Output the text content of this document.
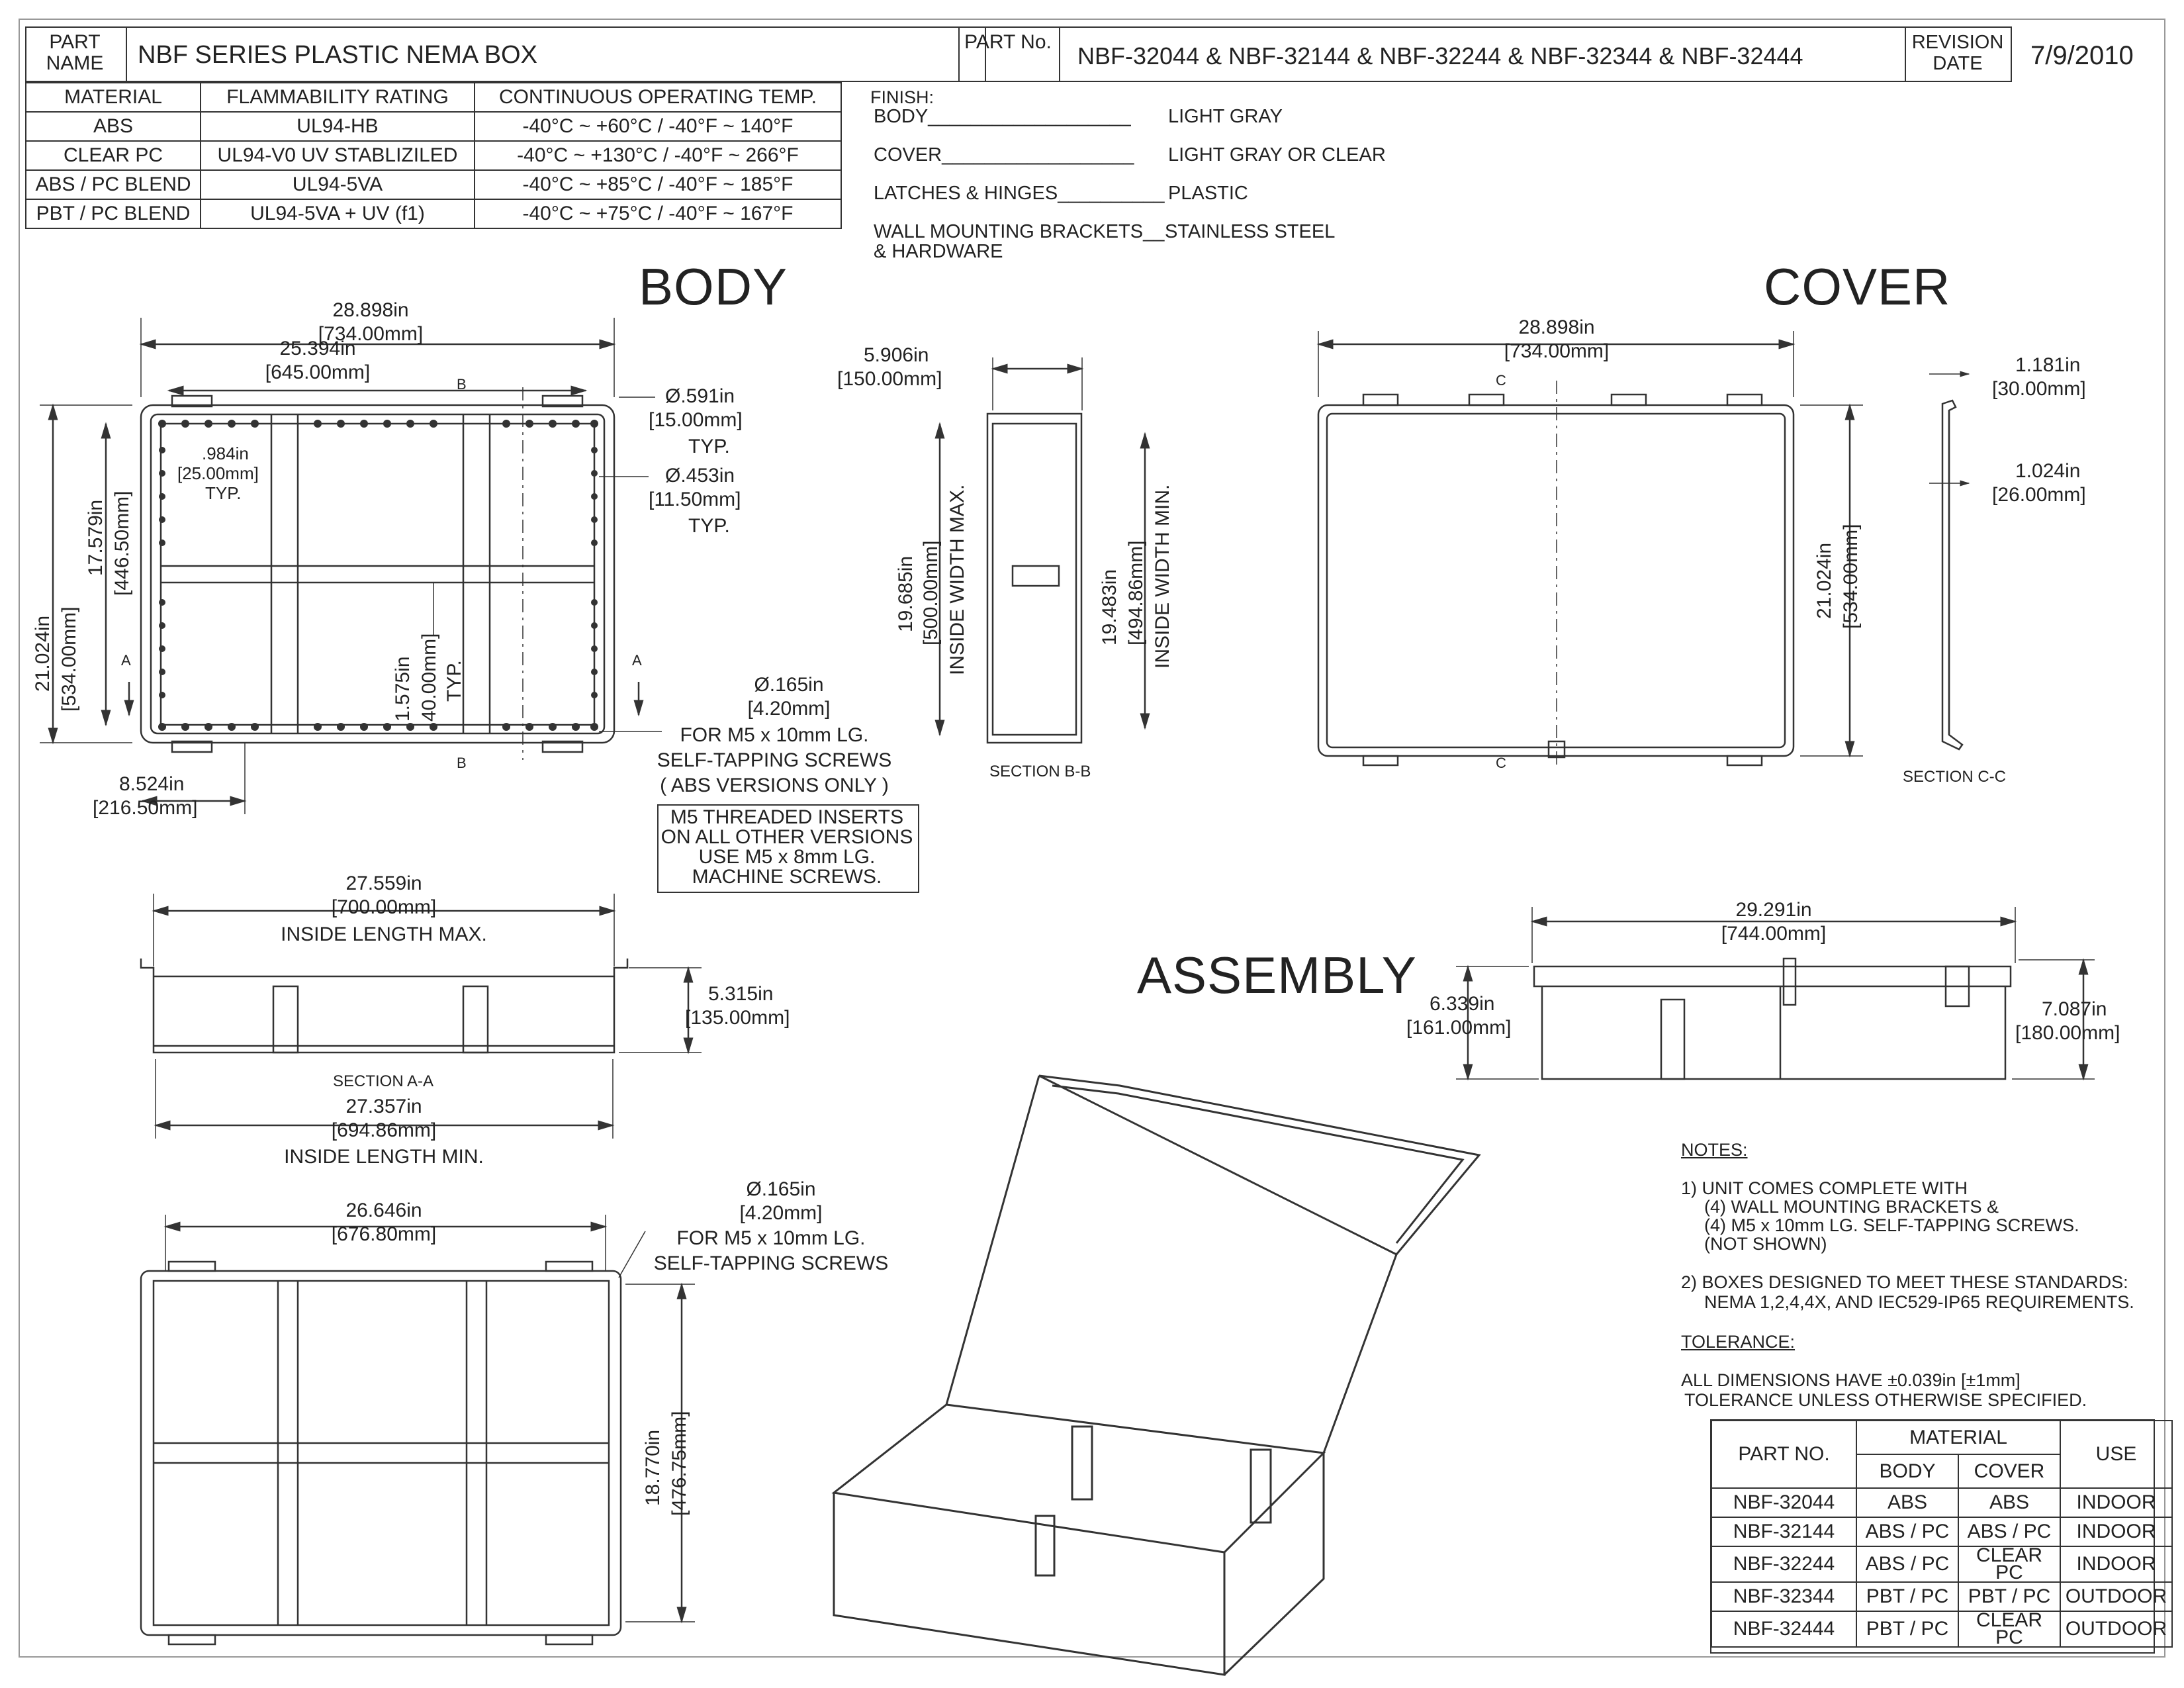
PART NAME	NBF SERIES PLASTIC NEMA BOX	PART No.
NBF-32044 & NBF-32144 & NBF-32244 & NBF-32344 & NBF-32444	REVISION DATE	7/9/2010
MATERIAL	FLAMMABILITY RATING	CONTINUOUS OPERATING TEMP.
ABS	UL94-HB	-40°C ~ +60°C / -40°F ~ 140°F
CLEAR PC	UL94-V0 UV STABLIZILED	-40°C ~ +130°C / -40°F ~ 266°F
ABS / PC BLEND	UL94-5VA	-40°C ~ +85°C / -40°F ~ 185°F
PBT / PC BLEND	UL94-5VA + UV (f1)	-40°C ~ +75°C / -40°F ~ 167°F
FINISH:
BODY___________________ LIGHT GRAY
COVER__________________ LIGHT GRAY OR CLEAR
LATCHES & HINGES__________ PLASTIC
WALL MOUNTING BRACKETS__ STAINLESS STEEL
& HARDWARE
BODY	COVER
ASSEMBLY
28.898in
[734.00mm]
25.394in
[645.00mm]
Ø.591in
[15.00mm]
TYP.
Ø.453in
[11.50mm]
TYP.
.984in
[25.00mm]
TYP.
17.579in [446.50mm]
21.024in [534.00mm]	1.575in 40.00mm] TYP.
8.524in
[216.50mm]
A	A
B
B
Ø.165in
[4.20mm]
FOR M5 x 10mm LG.
SELF-TAPPING SCREWS
( ABS VERSIONS ONLY )
M5 THREADED INSERTS
ON ALL OTHER VERSIONS
USE M5 x 8mm LG.
MACHINE SCREWS.
5.906in
[150.00mm]
19.685in [500.00mm] INSIDE WIDTH MAX.	19.483in [494.86mm] INSIDE WIDTH MIN.
SECTION B-B
28.898in
[734.00mm]
21.024in [534.00mm]
1.181in
[30.00mm]
1.024in
[26.00mm]
SECTION C-C
C
C
27.559in
[700.00mm]
INSIDE LENGTH MAX.
5.315in
[135.00mm]
SECTION A-A
27.357in
[694.86mm]
INSIDE LENGTH MIN.
26.646in
[676.80mm]
18.770in [476.75mm]
Ø.165in
[4.20mm]
FOR M5 x 10mm LG.
SELF-TAPPING SCREWS
29.291in
[744.00mm]
6.339in
[161.00mm]
7.087in
[180.00mm]
NOTES:
1) UNIT COMES COMPLETE WITH
(4) WALL MOUNTING BRACKETS &
(4) M5 x 10mm LG. SELF-TAPPING SCREWS.
(NOT SHOWN)
2) BOXES DESIGNED TO MEET THESE STANDARDS:
NEMA 1,2,4,4X, AND IEC529-IP65 REQUIREMENTS.
TOLERANCE:
ALL DIMENSIONS HAVE ±0.039in [±1mm]
TOLERANCE UNLESS OTHERWISE SPECIFIED.
PART NO.	MATERIAL		USE
	BODY	COVER	
NBF-32044	ABS	ABS	INDOOR
NBF-32144	ABS / PC	ABS / PC	INDOOR
NBF-32244	ABS / PC	CLEAR PC	INDOOR
NBF-32344	PBT / PC	PBT / PC	OUTDOOR
NBF-32444	PBT / PC	CLEAR PC	OUTDOOR
